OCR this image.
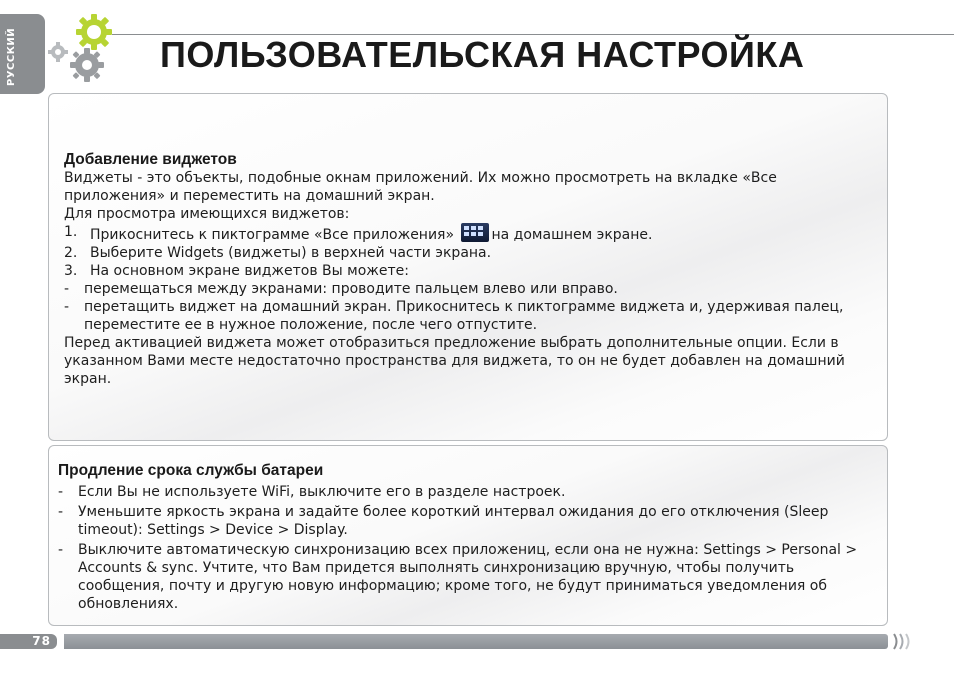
РУССКИЙ	ПОЛЬЗОВАТЕЛЬСКАЯ НАСТРОЙКА
Добавление виджетов

Виджеты - это объекты, подобные окнам приложений. Их можно просмотреть на вкладке «Все приложения» и переместить на домашний экран.

Для просмотра имеющихся виджетов:

1. Прикоснитесь к пиктограмме «Все приложения»	на домашнем экране.
2. Выберите Widgets (виджеты) в верхней части экрана.
3. На основном экране виджетов Вы можете:
-	перемещаться между экранами: проводите пальцем влево или вправо.
-	перетащить виджет на домашний экран. Прикоснитесь к пиктограмме виджета и, удерживая палец, переместите ее в нужное положение, после чего отпустите.

Перед активацией виджета может отобразиться предложение выбрать дополнительные опции. Если в указанном Вами месте недостаточно пространства для виджета, то он не будет добавлен на домашний экран.

Продление срока службы батареи
-	Если Вы не используете WiFi, выключите его в разделе настроек.
-	Уменьшите яркость экрана и задайте более короткий интервал ожидания до его отключения (Sleep timeout): Settings > Device > Display.
-	Выключите автоматическую синхронизацию всех приложениц, если она не нужна: Settings > Personal > Accounts & sync. Учтите, что Вам придется выполнять синхронизацию вручную, чтобы получить сообщения, почту и другую новую информацию; кроме того, не будут приниматься уведомления об обновлениях.
78
